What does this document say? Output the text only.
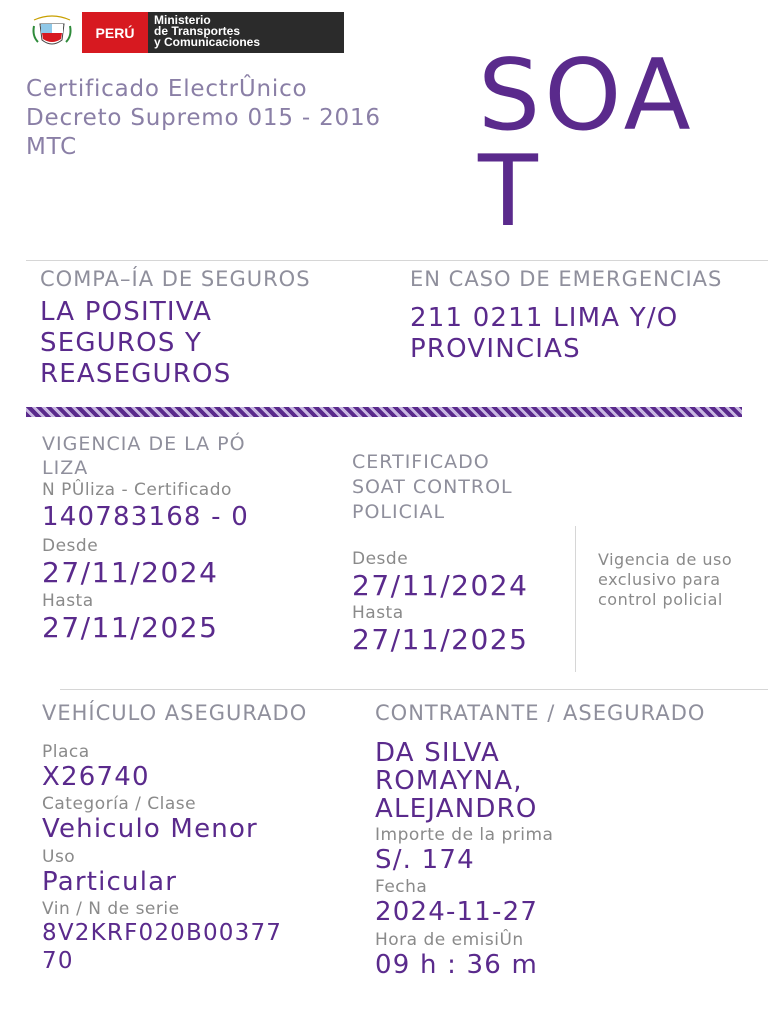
PERÚ
Ministerio
de Transportes
y Comunicaciones
Certificado ElectrÛnico
Decreto Supremo 015 - 2016
MTC	SOA
T
COMPA–ÍA DE SEGUROS
LA POSITIVA
SEGUROS Y
REASEGUROS
EN CASO DE EMERGENCIAS
211 0211 LIMA Y/O
PROVINCIAS
VIGENCIA DE LA PÓ
LIZA
N PÛliza - Certificado
140783168 - 0
Desde
27/11/2024
Hasta
27/11/2025
CERTIFICADO
SOAT CONTROL
POLICIAL
Desde
27/11/2024
Hasta
27/11/2025
Vigencia de uso
exclusivo para
control policial
VEHÍCULO ASEGURADO
Placa
X26740
Categoría / Clase
Vehiculo Menor
Uso
Particular
Vin / N de serie
8V2KRF020B00377
70
CONTRATANTE / ASEGURADO
DA SILVA
ROMAYNA,
ALEJANDRO
Importe de la prima
S/. 174
Fecha
2024-11-27
Hora de emisiÛn
09 h : 36 m
